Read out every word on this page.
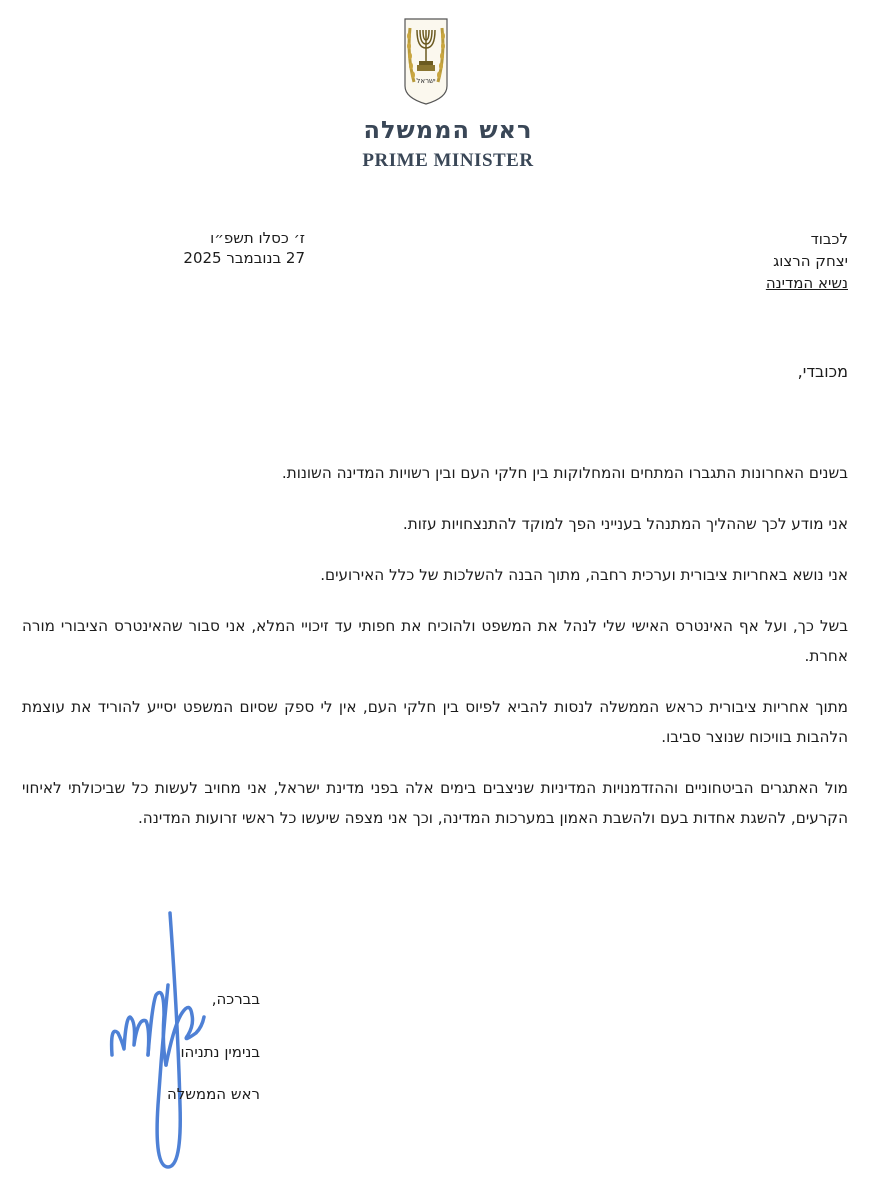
ישראל
ראש הממשלה
PRIME MINISTER
ז׳ כסלו תשפ״ו
27 בנובמבר 2025
לכבוד
יצחק הרצוג
נשיא המדינה
מכובדי,

בשנים האחרונות התגברו המתחים והמחלוקות בין חלקי העם ובין רשויות המדינה השונות.

אני מודע לכך שההליך המתנהל בענייני הפך למוקד להתנצחויות עזות.

אני נושא באחריות ציבורית וערכית רחבה, מתוך הבנה להשלכות של כלל האירועים.

בשל כך, ועל אף האינטרס האישי שלי לנהל את המשפט ולהוכיח את חפותי עד זיכויי המלא, אני סבור שהאינטרס הציבורי מורה אחרת.

מתוך אחריות ציבורית כראש הממשלה לנסות להביא לפיוס בין חלקי העם, אין לי ספק שסיום המשפט יסייע להוריד את עוצמת הלהבות בוויכוח שנוצר סביבו.

מול האתגרים הביטחוניים וההזדמנויות המדיניות שניצבים בימים אלה בפני מדינת ישראל, אני מחויב לעשות כל שביכולתי לאיחוי הקרעים, להשגת אחדות בעם ולהשבת האמון במערכות המדינה, וכך אני מצפה שיעשו כל ראשי זרועות המדינה.

בברכה,
בנימין נתניהו
ראש הממשלה
